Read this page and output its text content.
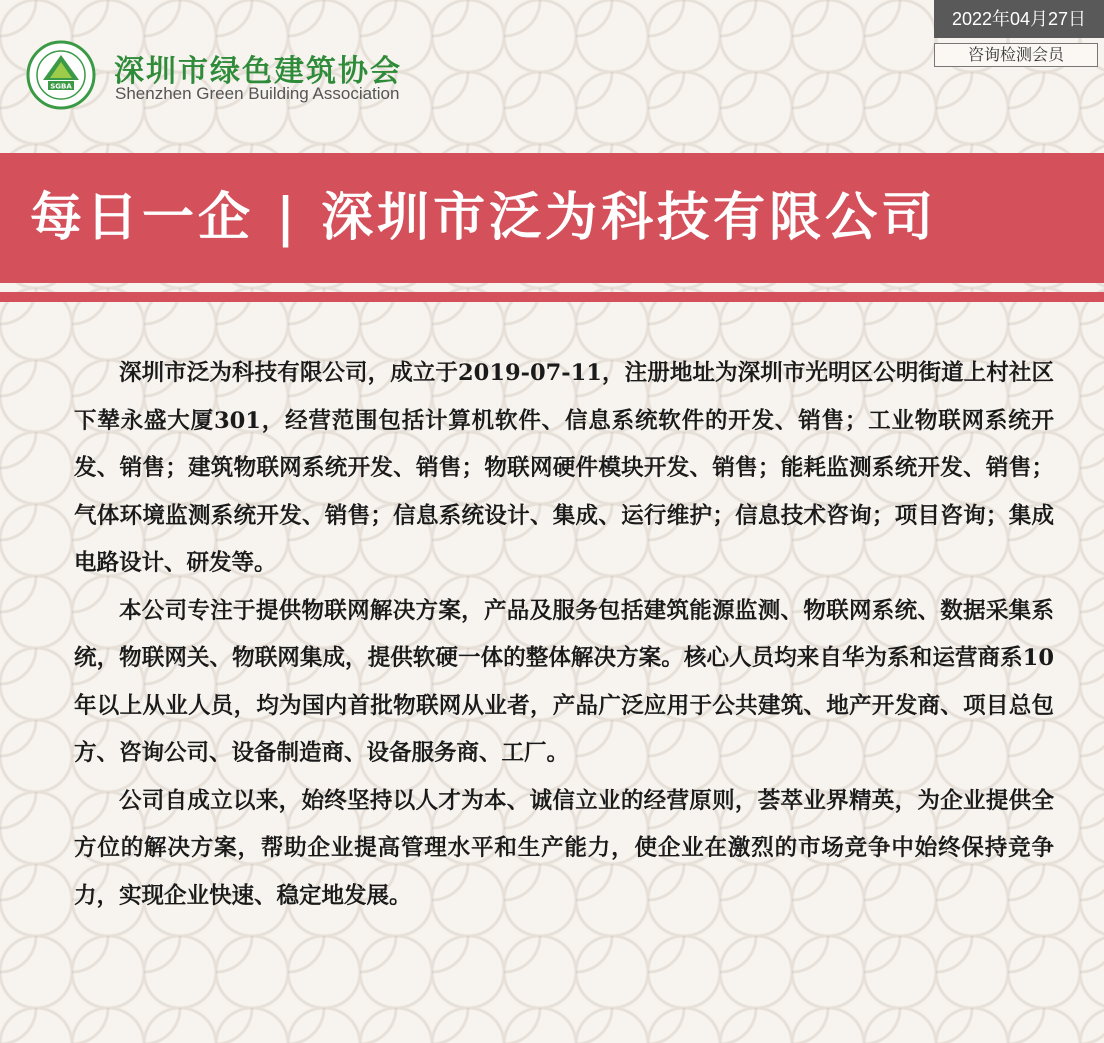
SGBA 深圳市绿色建筑协会
Shenzhen Green Building Association
2022年04月27日
咨询检测会员
每日一企 | 深圳市泛为科技有限公司

深圳市泛为科技有限公司，成立于2019-07-11，注册地址为深圳市光明区公明街道上村社区下辇永盛大厦301，经营范围包括计算机软件、信息系统软件的开发、销售；工业物联网系统开发、销售；建筑物联网系统开发、销售；物联网硬件模块开发、销售；能耗监测系统开发、销售；气体环境监测系统开发、销售；信息系统设计、集成、运行维护；信息技术咨询；项目咨询；集成电路设计、研发等。

本公司专注于提供物联网解决方案，产品及服务包括建筑能源监测、物联网系统、数据采集系统，物联网关、物联网集成，提供软硬一体的整体解决方案。核心人员均来自华为系和运营商系10年以上从业人员，均为国内首批物联网从业者，产品广泛应用于公共建筑、地产开发商、项目总包方、咨询公司、设备制造商、设备服务商、工厂。

公司自成立以来，始终坚持以人才为本、诚信立业的经营原则，荟萃业界精英，为企业提供全方位的解决方案，帮助企业提高管理水平和生产能力，使企业在激烈的市场竞争中始终保持竞争力，实现企业快速、稳定地发展。
